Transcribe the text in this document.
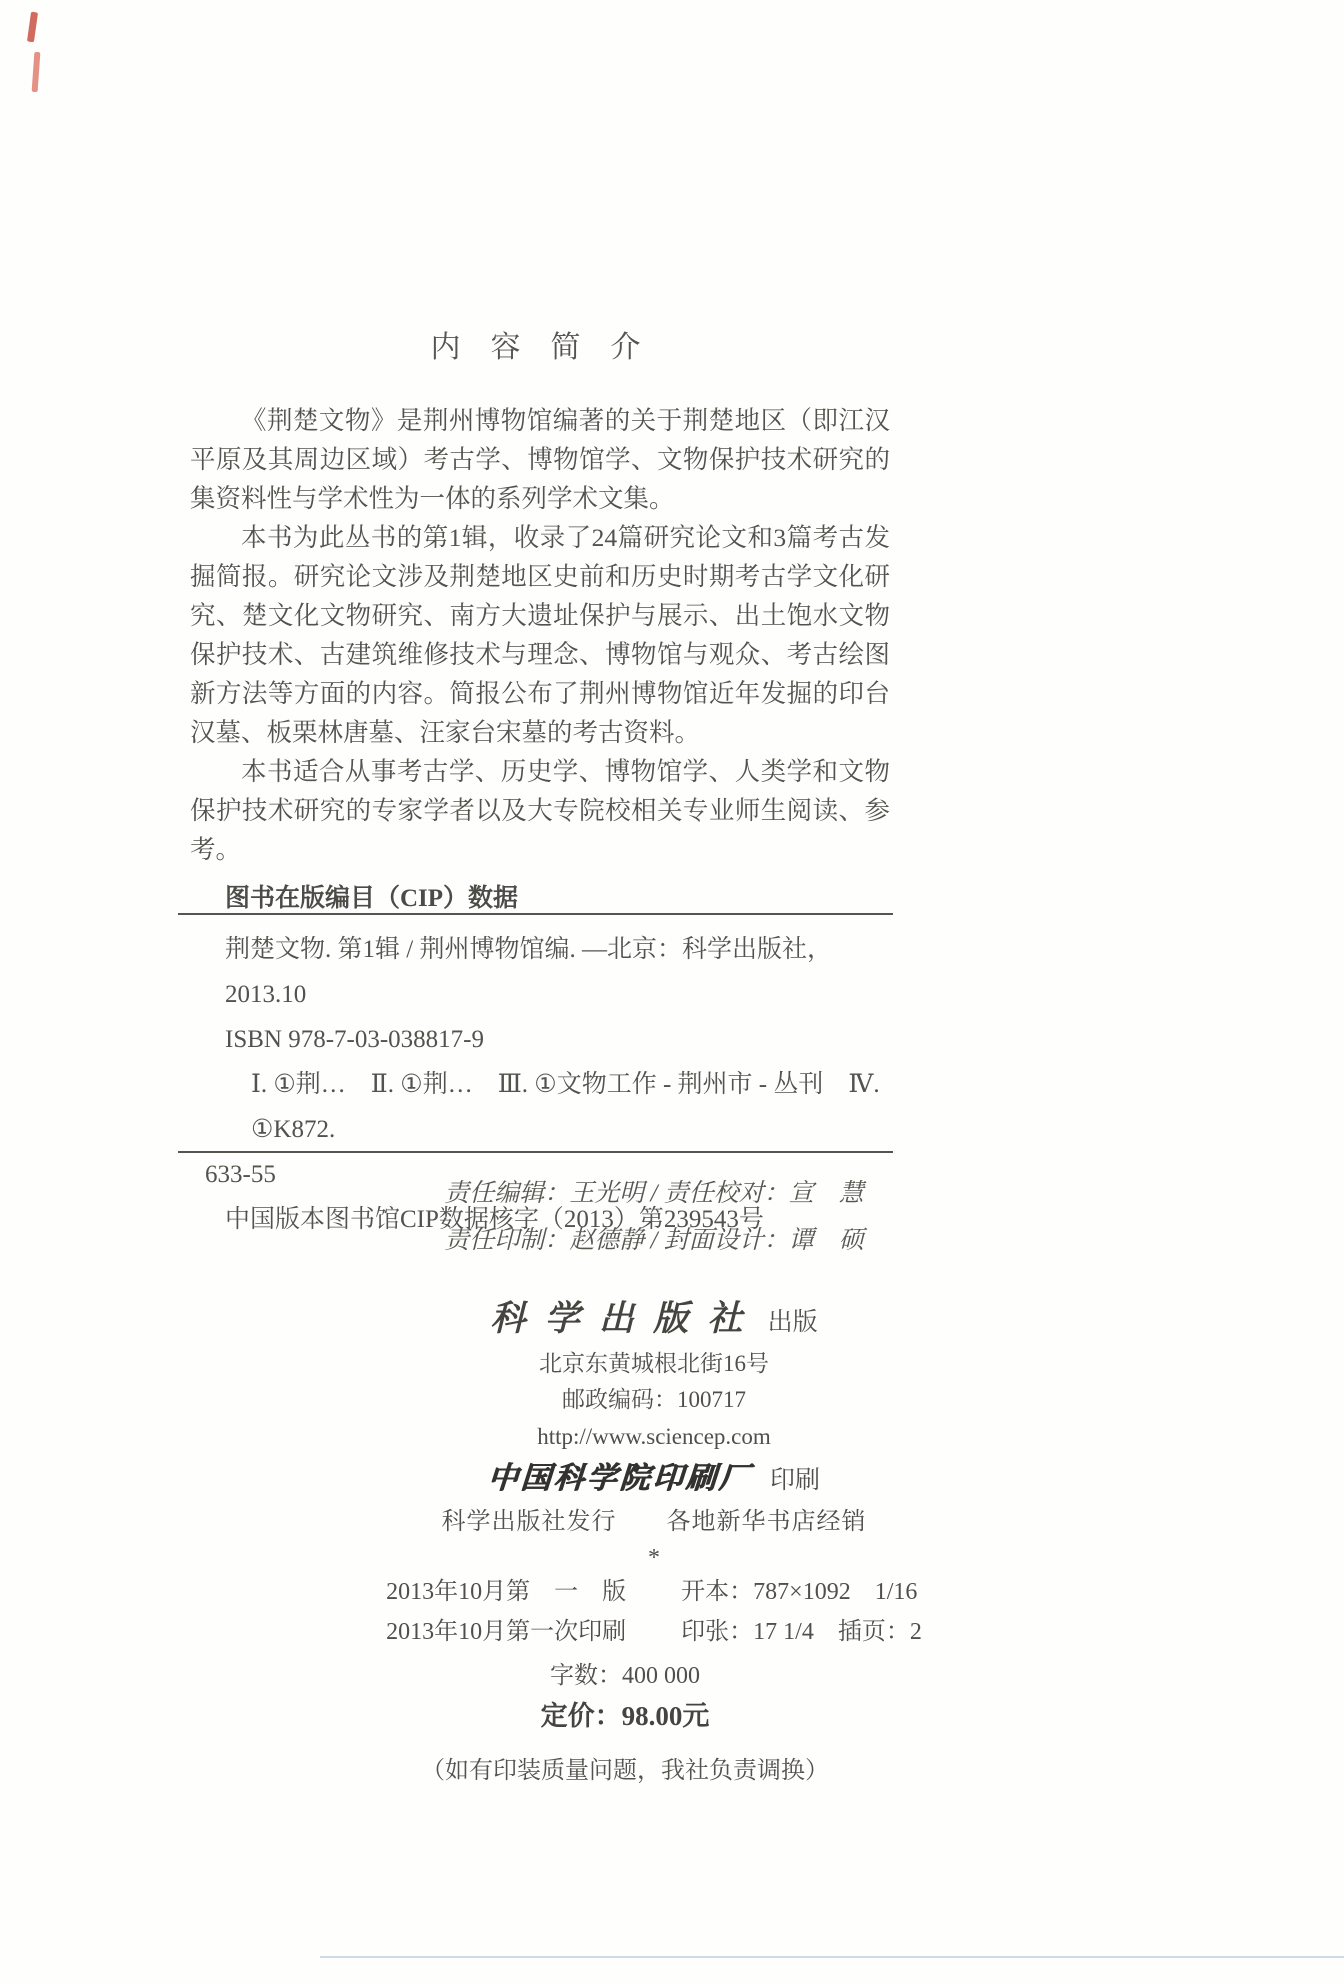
内　容　简　介

《荆楚文物》是荆州博物馆编著的关于荆楚地区（即江汉平原及其周边区域）考古学、博物馆学、文物保护技术研究的集资料性与学术性为一体的系列学术文集。

本书为此丛书的第1辑，收录了24篇研究论文和3篇考古发掘简报。研究论文涉及荆楚地区史前和历史时期考古学文化研究、楚文化文物研究、南方大遗址保护与展示、出土饱水文物保护技术、古建筑维修技术与理念、博物馆与观众、考古绘图新方法等方面的内容。简报公布了荆州博物馆近年发掘的印台汉墓、板栗林唐墓、汪家台宋墓的考古资料。

本书适合从事考古学、历史学、博物馆学、人类学和文物保护技术研究的专家学者以及大专院校相关专业师生阅读、参考。

图书在版编目（CIP）数据
荆楚文物. 第1辑 / 荆州博物馆编. —北京：科学出版社，2013.10
ISBN 978-7-03-038817-9
Ⅰ. ①荆…　Ⅱ. ①荆…　Ⅲ. ①文物工作 - 荆州市 - 丛刊　Ⅳ. ①K872.
633-55
中国版本图书馆CIP数据核字（2013）第239543号
责任编辑：王光明 / 责任校对：宣　慧
责任印制：赵德静 / 封面设计：谭　硕
科学出版社 出版
北京东黄城根北街16号
邮政编码：100717
http://www.sciencep.com
中国科学院印刷厂 印刷
科学出版社发行　　各地新华书店经销
*
2013年10月第　一　版 开本：787×1092　1/16
2013年10月第一次印刷 印张：17 1/4　插页：2
字数：400 000
定价：98.00元
（如有印装质量问题，我社负责调换）
